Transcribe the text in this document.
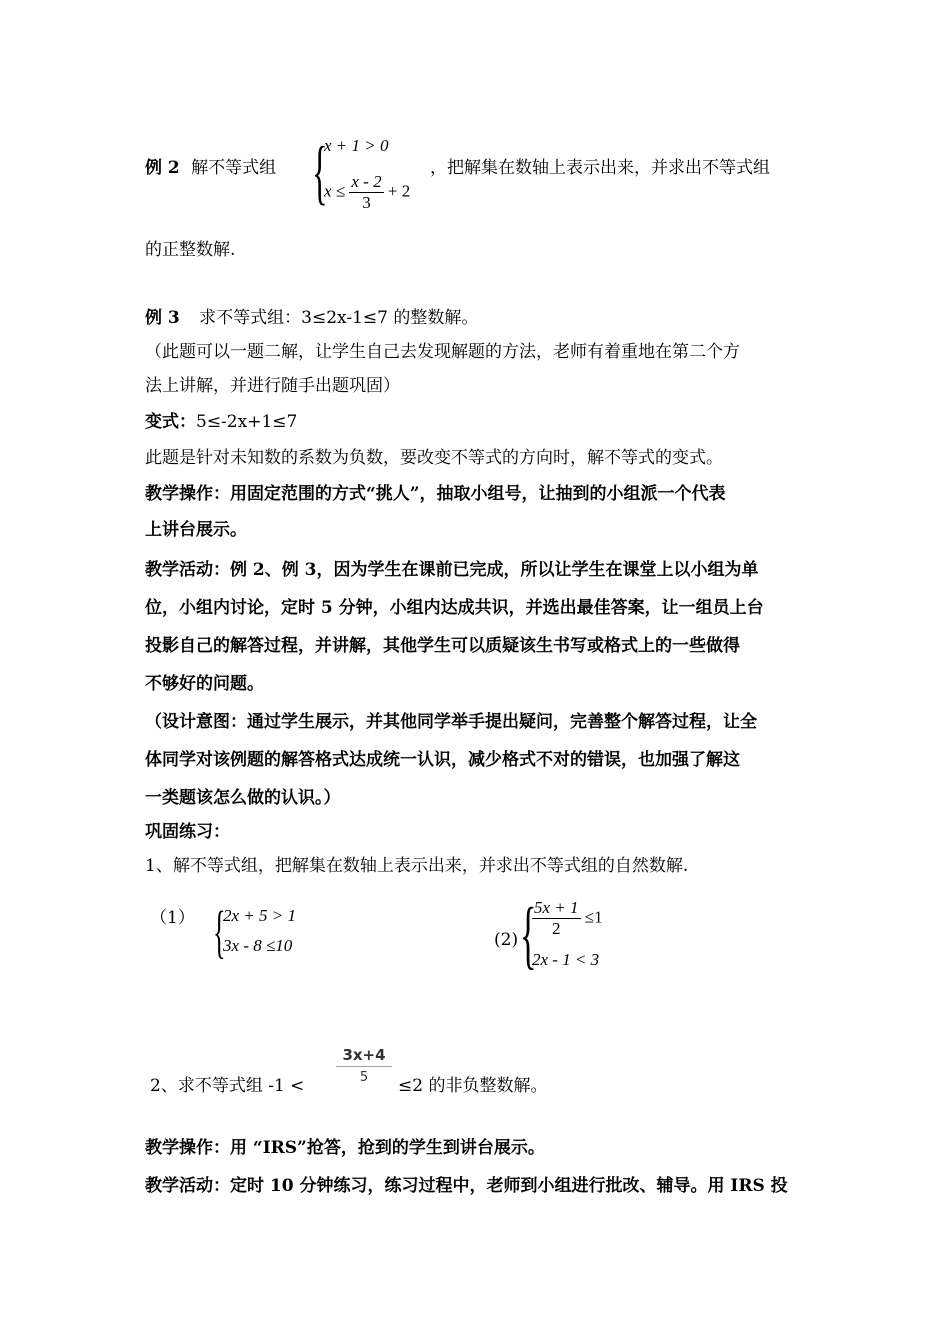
例 2 解不等式组 {
x + 1 > 0
$x \le \frac{x - 2}{3} + 2$
，把解集在数轴上表示出来，并求出不等式组
的正整数解.
例 3 求不等式组：3≤2x-1≤7 的整数解。
（此题可以一题二解，让学生自己去发现解题的方法，老师有着重地在第二个方
法上讲解，并进行随手出题巩固）
变式：5≤-2x+1≤7
此题是针对未知数的系数为负数，要改变不等式的方向时，解不等式的变式。
教学操作：用固定范围的方式“挑人”，抽取小组号，让抽到的小组派一个代表
上讲台展示。
教学活动：例 2、例 3，因为学生在课前已完成，所以让学生在课堂上以小组为单
位，小组内讨论，定时 5 分钟，小组内达成共识，并选出最佳答案，让一组员上台
投影自己的解答过程，并讲解，其他学生可以质疑该生书写或格式上的一些做得
不够好的问题。
（设计意图：通过学生展示，并其他同学举手提出疑问，完善整个解答过程，让全
体同学对该例题的解答格式达成统一认识，减少格式不对的错误，也加强了解这
一类题该怎么做的认识。）
巩固练习：
1、解不等式组，把解集在数轴上表示出来，并求出不等式组的自然数解.
（1） {
2x + 5 > 1
3x - 8 ≤10	(2) {
$\frac{5x + 1}{2} \le 1$
2x - 1 < 3
2、求不等式组 $-1 < \frac{3x+4}{5} \le 2$ 的非负整数解。
教学操作：用 “IRS”抢答，抢到的学生到讲台展示。
教学活动：定时 10 分钟练习，练习过程中，老师到小组进行批改、辅导。用 IRS 投
